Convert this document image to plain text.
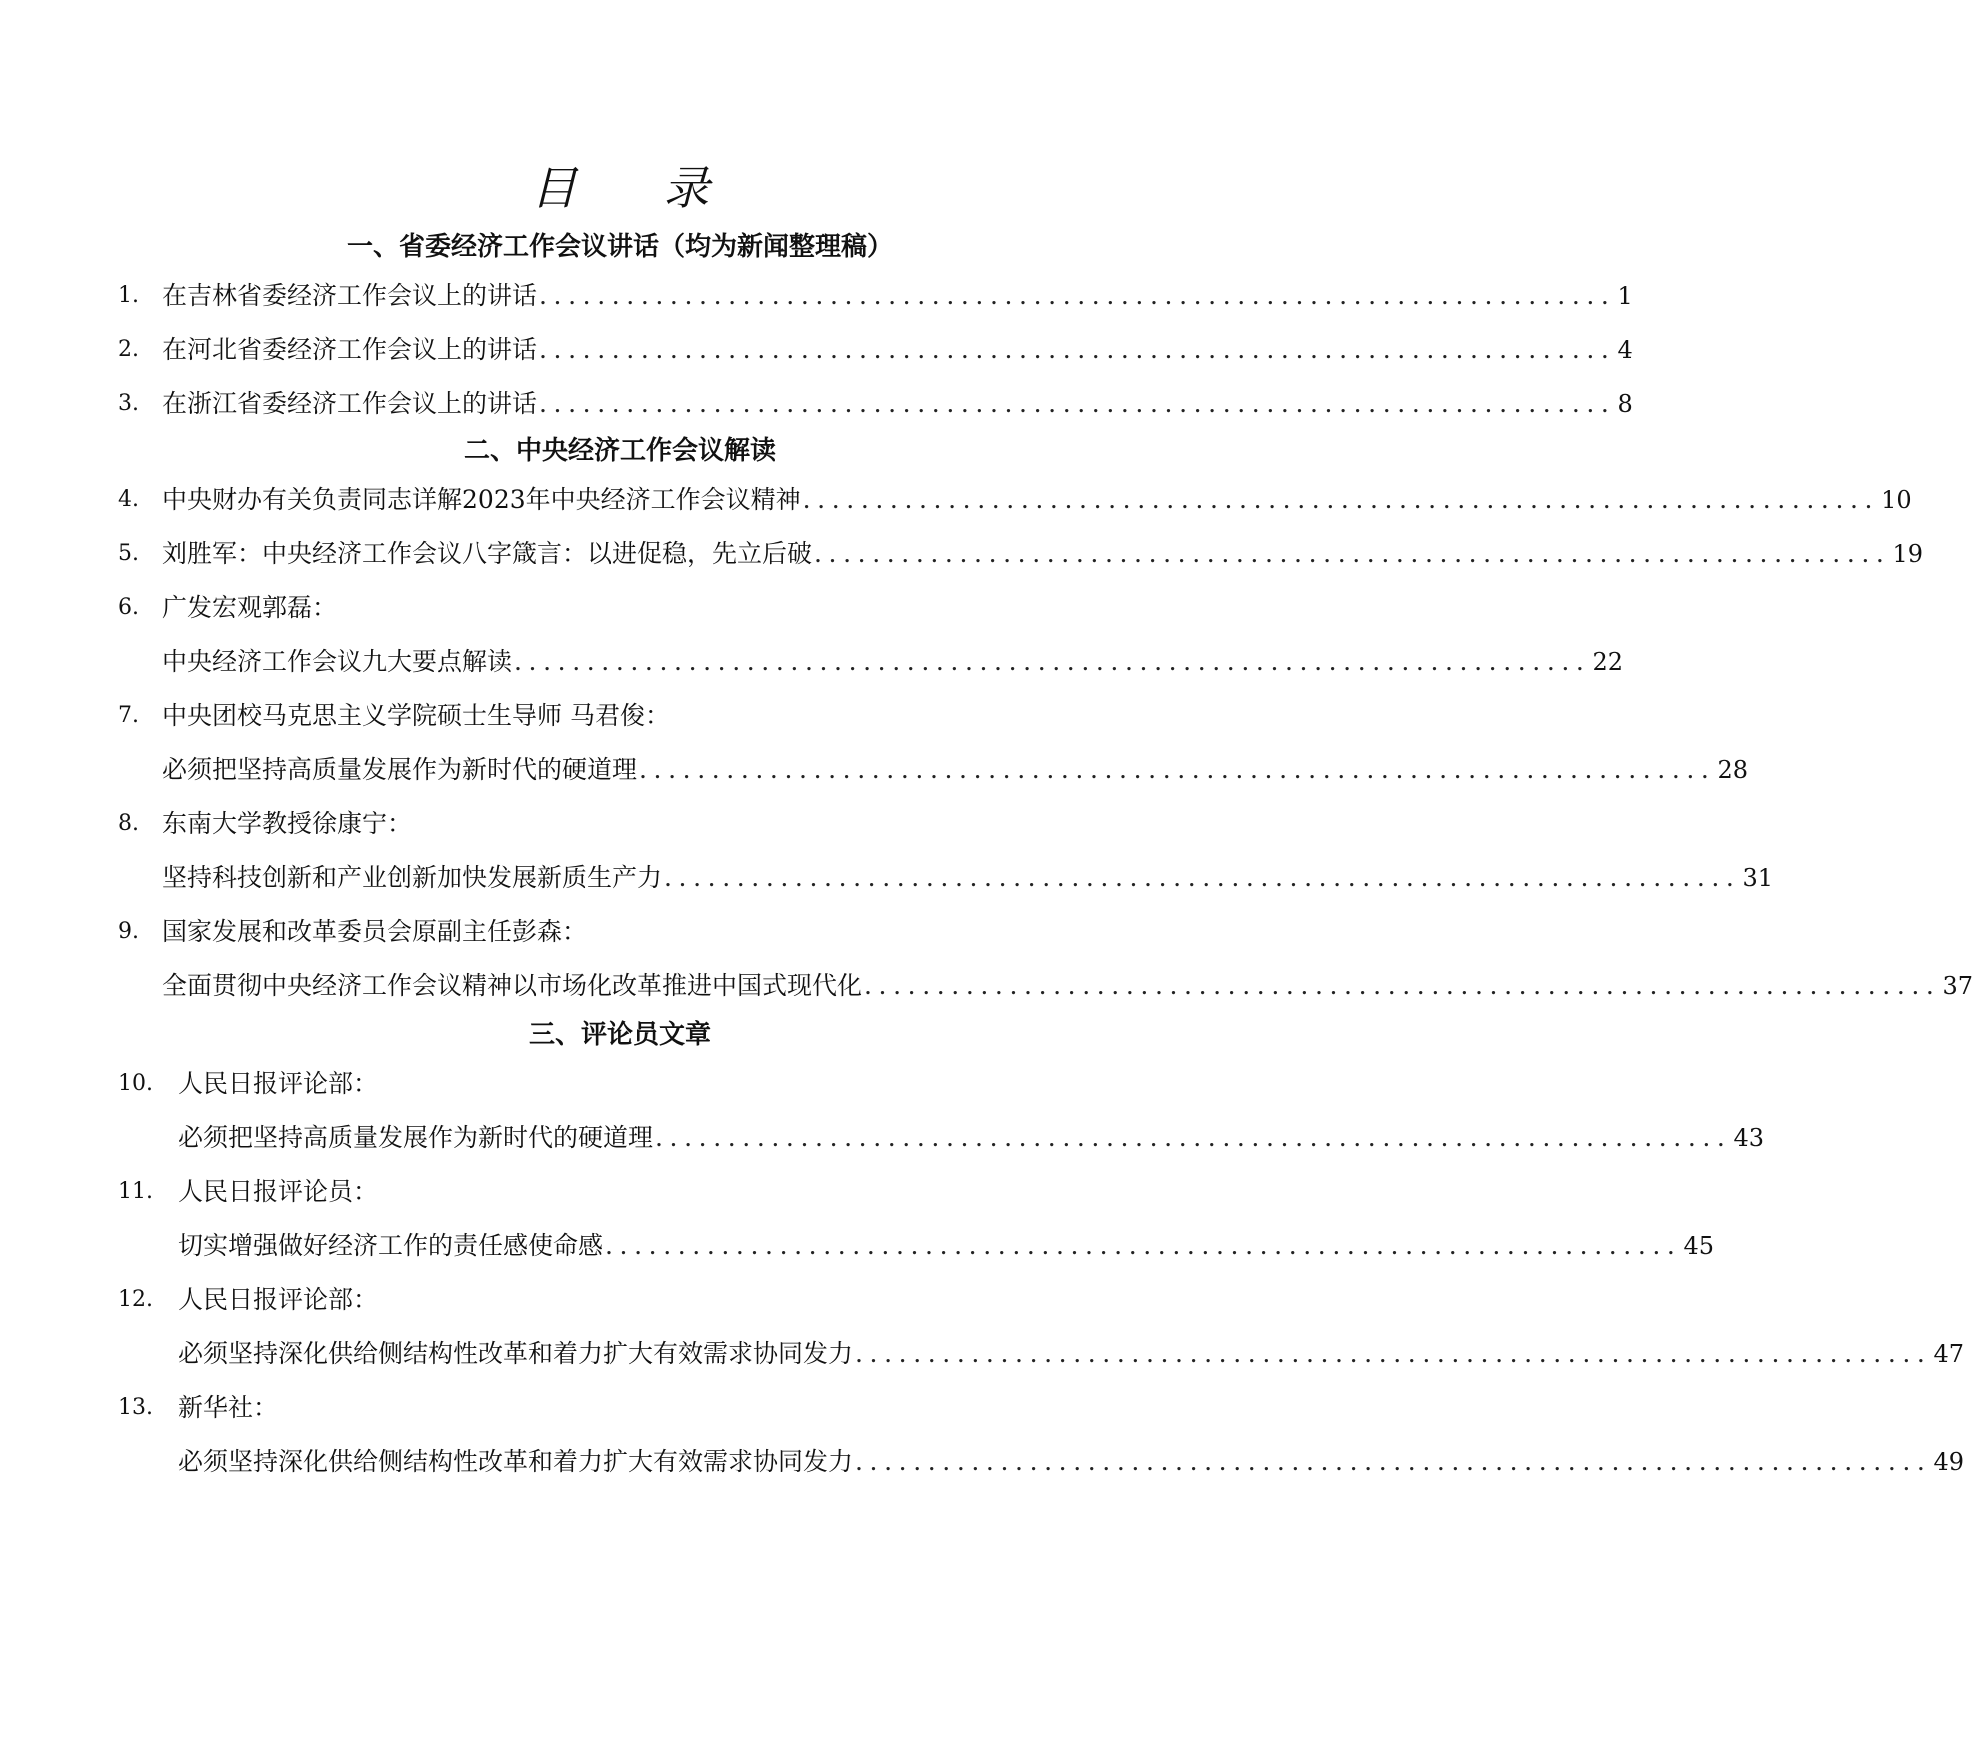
目 录
一、省委经济工作会议讲话（均为新闻整理稿）
1. 在吉林省委经济工作会议上的讲话 .......................................................................... 1
2. 在河北省委经济工作会议上的讲话 .......................................................................... 4
3. 在浙江省委经济工作会议上的讲话 .......................................................................... 8
二、中央经济工作会议解读
4. 中央财办有关负责同志详解2023年中央经济工作会议精神 .......................................................................... 10
5. 刘胜军：中央经济工作会议八字箴言：以进促稳，先立后破 .......................................................................... 19
6. 广发宏观郭磊：
中央经济工作会议九大要点解读 .......................................................................... 22
7. 中央团校马克思主义学院硕士生导师 马君俊：
必须把坚持高质量发展作为新时代的硬道理 .......................................................................... 28
8. 东南大学教授徐康宁：
坚持科技创新和产业创新加快发展新质生产力 .......................................................................... 31
9. 国家发展和改革委员会原副主任彭森：
全面贯彻中央经济工作会议精神以市场化改革推进中国式现代化 .......................................................................... 37
三、评论员文章
10. 人民日报评论部：
必须把坚持高质量发展作为新时代的硬道理 .......................................................................... 43
11. 人民日报评论员：
切实增强做好经济工作的责任感使命感 .......................................................................... 45
12. 人民日报评论部：
必须坚持深化供给侧结构性改革和着力扩大有效需求协同发力 .......................................................................... 47
13. 新华社：
必须坚持深化供给侧结构性改革和着力扩大有效需求协同发力 .......................................................................... 49
